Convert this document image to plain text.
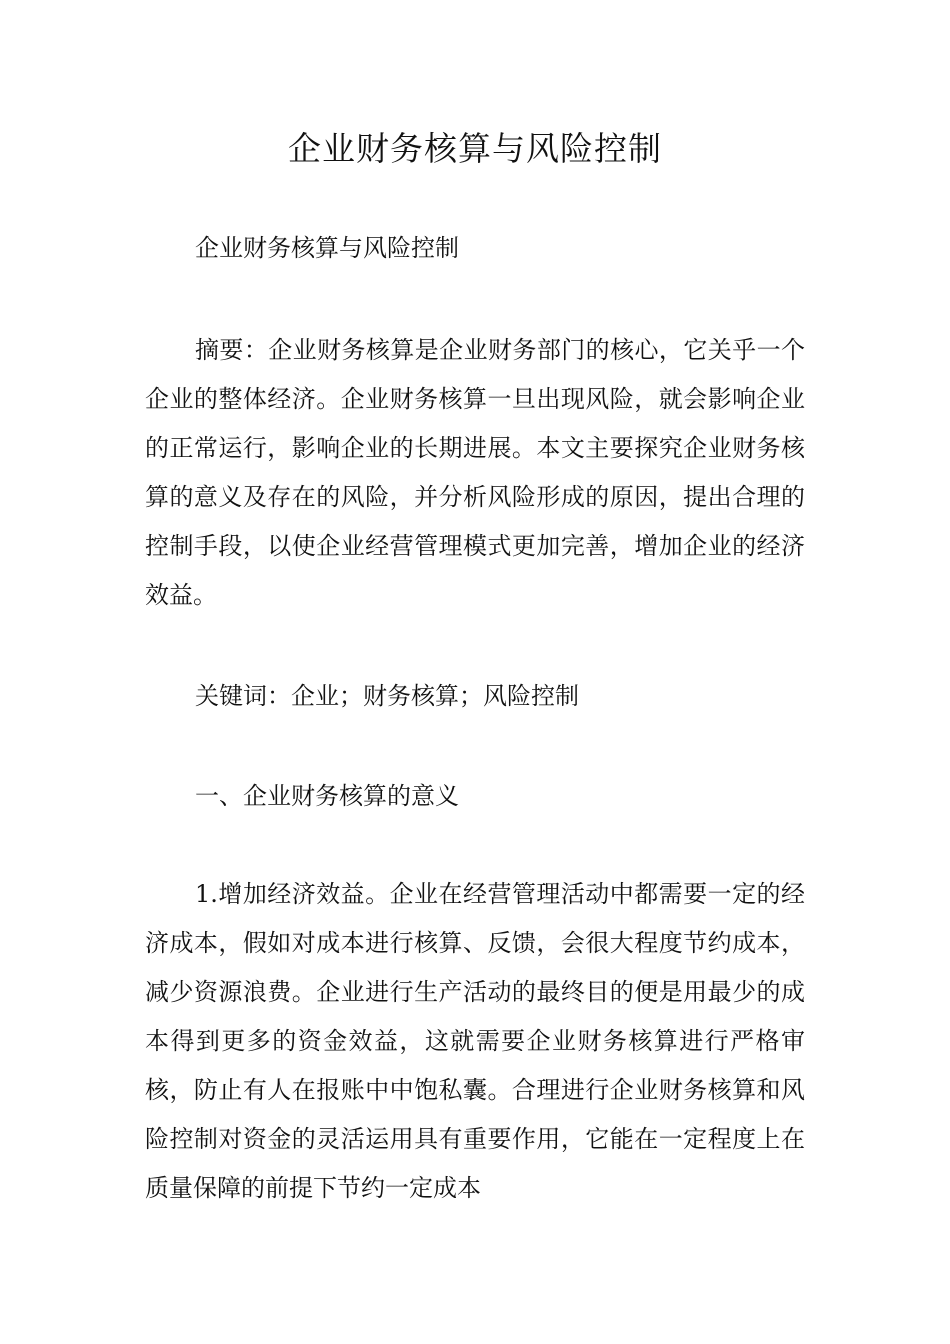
企业财务核算与风险控制

企业财务核算与风险控制

摘要：企业财务核算是企业财务部门的核心，它关乎一个企业的整体经济。企业财务核算一旦出现风险，就会影响企业的正常运行，影响企业的长期进展。本文主要探究企业财务核算的意义及存在的风险，并分析风险形成的原因，提出合理的控制手段，以使企业经营管理模式更加完善，增加企业的经济效益。

关键词：企业；财务核算；风险控制

一、企业财务核算的意义

1.增加经济效益。企业在经营管理活动中都需要一定的经济成本，假如对成本进行核算、反馈，会很大程度节约成本，减少资源浪费。企业进行生产活动的最终目的便是用最少的成本得到更多的资金效益，这就需要企业财务核算进行严格审核，防止有人在报账中中饱私囊。合理进行企业财务核算和风险控制对资金的灵活运用具有重要作用，它能在一定程度上在质量保障的前提下节约一定成本
